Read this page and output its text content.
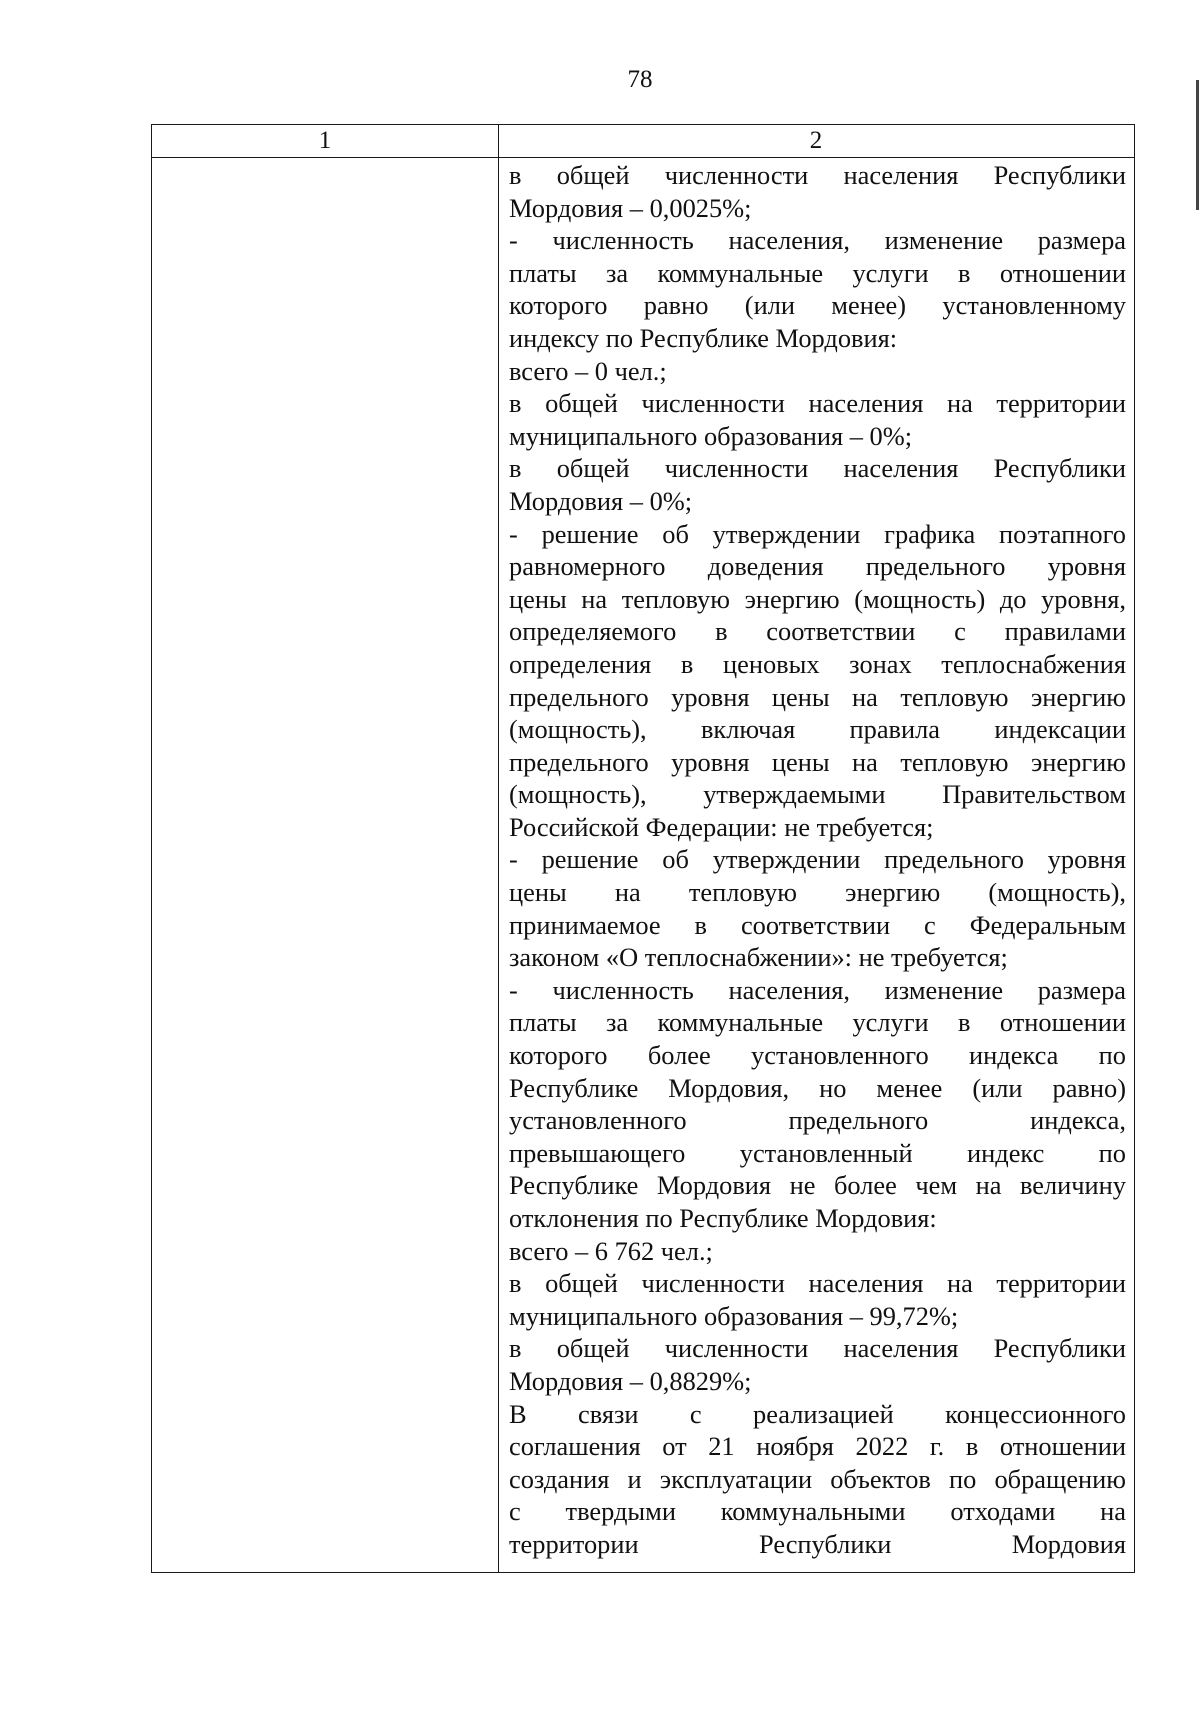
78
1	2
в общей численности населения Республики
Мордовия – 0,0025%;
- численность населения, изменение размера
платы за коммунальные услуги в отношении
которого равно (или менее) установленному
индексу по Республике Мордовия:
всего – 0 чел.;
в общей численности населения на территории
муниципального образования – 0%;
в общей численности населения Республики
Мордовия – 0%;
- решение об утверждении графика поэтапного
равномерного доведения предельного уровня
цены на тепловую энергию (мощность) до уровня,
определяемого в соответствии с правилами
определения в ценовых зонах теплоснабжения
предельного уровня цены на тепловую энергию
(мощность), включая правила индексации
предельного уровня цены на тепловую энергию
(мощность), утверждаемыми Правительством
Российской Федерации: не требуется;
- решение об утверждении предельного уровня
цены на тепловую энергию (мощность),
принимаемое в соответствии с Федеральным
законом «О теплоснабжении»: не требуется;
- численность населения, изменение размера
платы за коммунальные услуги в отношении
которого более установленного индекса по
Республике Мордовия, но менее (или равно)
установленного предельного индекса,
превышающего установленный индекс по
Республике Мордовия не более чем на величину
отклонения по Республике Мордовия:
всего – 6 762 чел.;
в общей численности населения на территории
муниципального образования – 99,72%;
в общей численности населения Республики
Мордовия – 0,8829%;
В связи с реализацией концессионного
соглашения от 21 ноября 2022 г. в отношении
создания и эксплуатации объектов по обращению
с твердыми коммунальными отходами на
территории Республики Мордовия
